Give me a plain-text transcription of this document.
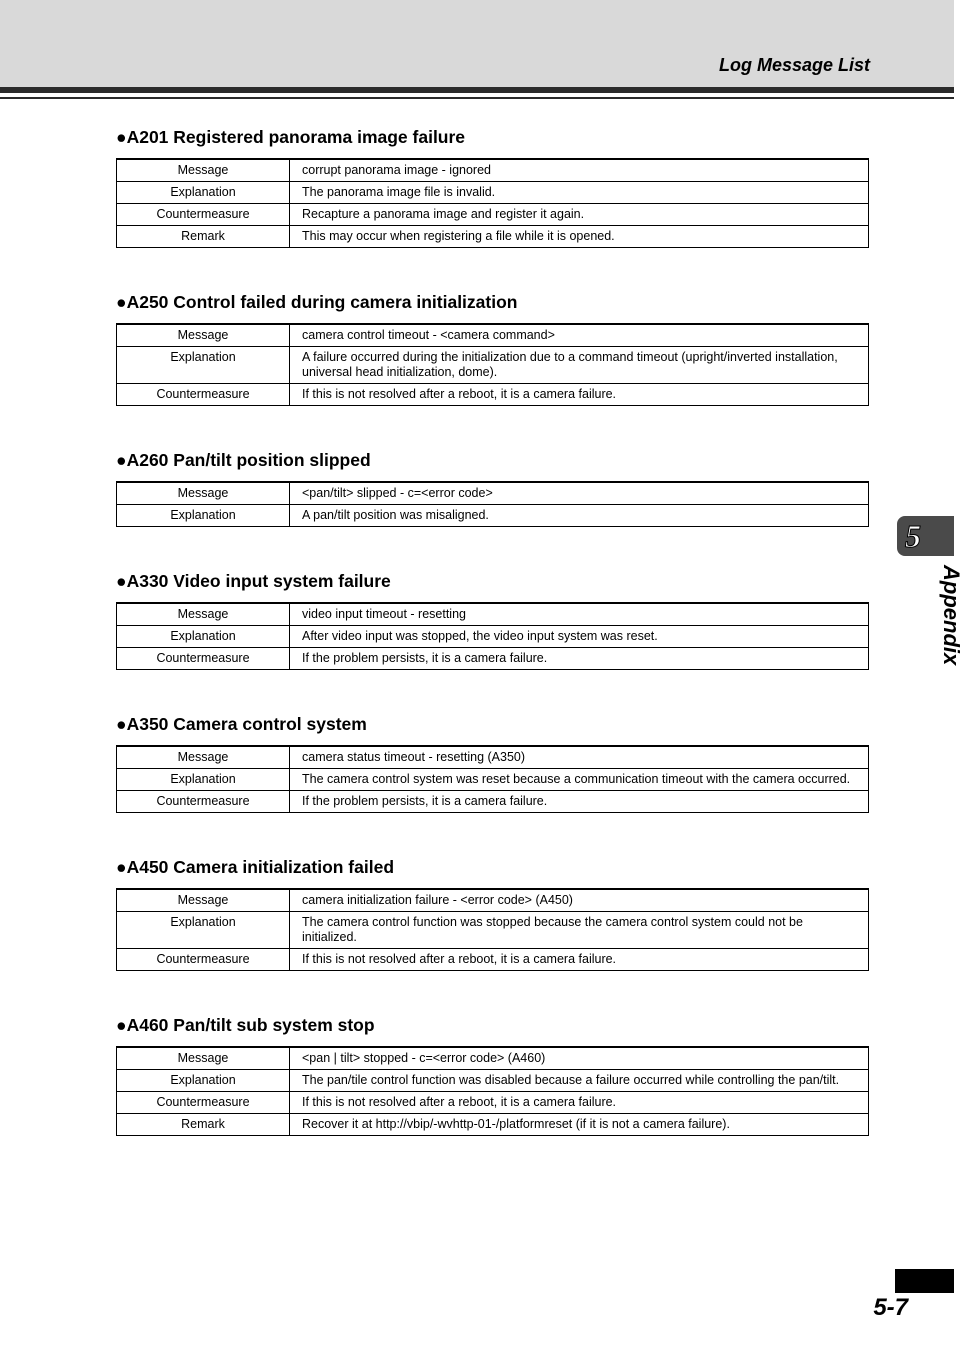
Log Message List
5
Appendix
5-7
●A201 Registered panorama image failure
Message	corrupt panorama image - ignored
Explanation	The panorama image file is invalid.
Countermeasure	Recapture a panorama image and register it again.
Remark	This may occur when registering a file while it is opened.
●A250 Control failed during camera initialization
Message	camera control timeout - <camera command>
Explanation	A failure occurred during the initialization due to a command timeout (upright/inverted installation, universal head initialization, dome).
Countermeasure	If this is not resolved after a reboot, it is a camera failure.
●A260 Pan/tilt position slipped
Message	<pan/tilt> slipped - c=<error code>
Explanation	A pan/tilt position was misaligned.
●A330 Video input system failure
Message	video input timeout - resetting
Explanation	After video input was stopped, the video input system was reset.
Countermeasure	If the problem persists, it is a camera failure.
●A350 Camera control system
Message	camera status timeout - resetting (A350)
Explanation	The camera control system was reset because a communication timeout with the camera occurred.
Countermeasure	If the problem persists, it is a camera failure.
●A450 Camera initialization failed
Message	camera initialization failure - <error code> (A450)
Explanation	The camera control function was stopped because the camera control system could not be initialized.
Countermeasure	If this is not resolved after a reboot, it is a camera failure.
●A460 Pan/tilt sub system stop
Message	<pan | tilt> stopped - c=<error code> (A460)
Explanation	The pan/tile control function was disabled because a failure occurred while controlling the pan/tilt.
Countermeasure	If this is not resolved after a reboot, it is a camera failure.
Remark	Recover it at http://vbip/-wvhttp-01-/platformreset (if it is not a camera failure).
